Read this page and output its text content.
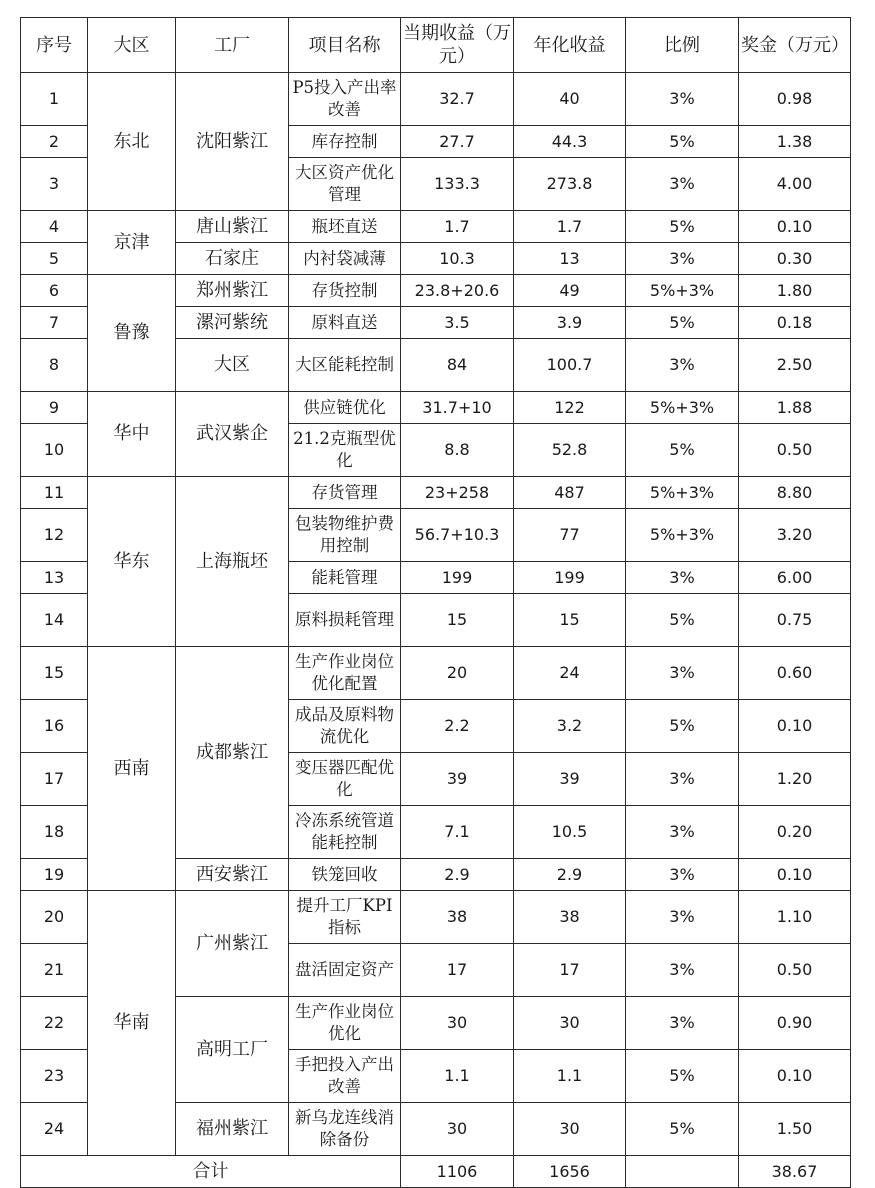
序号	大区	工厂	项目名称	当期收益（万元）	年化收益	比例	奖金（万元）
1	东北	沈阳紫江	P5投入产出率改善	32.7	40	3%	0.98
2			库存控制	27.7	44.3	5%	1.38
3			大区资产优化管理	133.3	273.8	3%	4.00
4	京津	唐山紫江	瓶坯直送	1.7	1.7	5%	0.10
5		石家庄	内衬袋减薄	10.3	13	3%	0.30
6	鲁豫	郑州紫江	存货控制	23.8+20.6	49	5%+3%	1.80
7		漯河紫统	原料直送	3.5	3.9	5%	0.18
8		大区	大区能耗控制	84	100.7	3%	2.50
9	华中	武汉紫企	供应链优化	31.7+10	122	5%+3%	1.88
10			21.2克瓶型优化	8.8	52.8	5%	0.50
11	华东	上海瓶坯	存货管理	23+258	487	5%+3%	8.80
12			包装物维护费用控制	56.7+10.3	77	5%+3%	3.20
13			能耗管理	199	199	3%	6.00
14			原料损耗管理	15	15	5%	0.75
15	西南	成都紫江	生产作业岗位优化配置	20	24	3%	0.60
16			成品及原料物流优化	2.2	3.2	5%	0.10
17			变压器匹配优化	39	39	3%	1.20
18			冷冻系统管道能耗控制	7.1	10.5	3%	0.20
19		西安紫江	铁笼回收	2.9	2.9	3%	0.10
20	华南	广州紫江	提升工厂KPI指标	38	38	3%	1.10
21			盘活固定资产	17	17	3%	0.50
22		高明工厂	生产作业岗位优化	30	30	3%	0.90
23			手把投入产出改善	1.1	1.1	5%	0.10
24		福州紫江	新乌龙连线消除备份	30	30	5%	1.50
合计				1106	1656		38.67
